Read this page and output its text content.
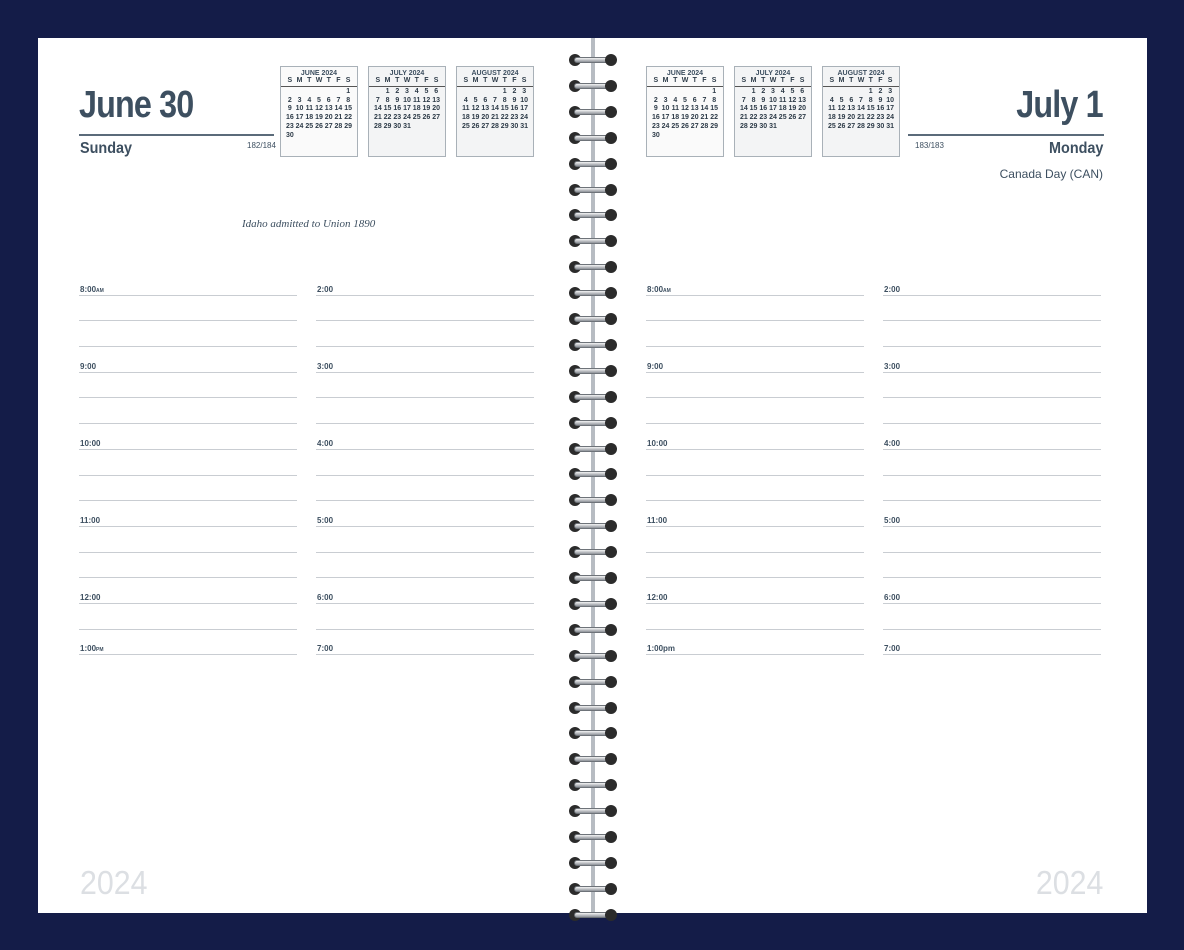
June 30
Sunday	182/184
Idaho admitted to Union 1890
8:00AM
9:00
10:00
11:00
12:00
1:00PM
2:00
3:00
4:00
5:00
6:00
7:00
2024
JUNE 2024
S M T W T F S
1
2 3 4 5 6 7 8
9 10 11 12 13 14 15
16 17 18 19 20 21 22
23 24 25 26 27 28 29
30
JULY 2024
S M T W T F S
1 2 3 4 5 6
7 8 9 10 11 12 13
14 15 16 17 18 19 20
21 22 23 24 25 26 27
28 29 30 31
AUGUST 2024
S M T W T F S
1 2 3
4 5 6 7 8 9 10
11 12 13 14 15 16 17
18 19 20 21 22 23 24
25 26 27 28 29 30 31
July 1
183/183	Monday
Canada Day (CAN)
8:00AM
9:00
10:00
11:00
12:00
1:00pm
2:00
3:00
4:00
5:00
6:00
7:00
2024
JUNE 2024
S M T W T F S
1
2 3 4 5 6 7 8
9 10 11 12 13 14 15
16 17 18 19 20 21 22
23 24 25 26 27 28 29
30
JULY 2024
S M T W T F S
1 2 3 4 5 6
7 8 9 10 11 12 13
14 15 16 17 18 19 20
21 22 23 24 25 26 27
28 29 30 31
AUGUST 2024
S M T W T F S
1 2 3
4 5 6 7 8 9 10
11 12 13 14 15 16 17
18 19 20 21 22 23 24
25 26 27 28 29 30 31
